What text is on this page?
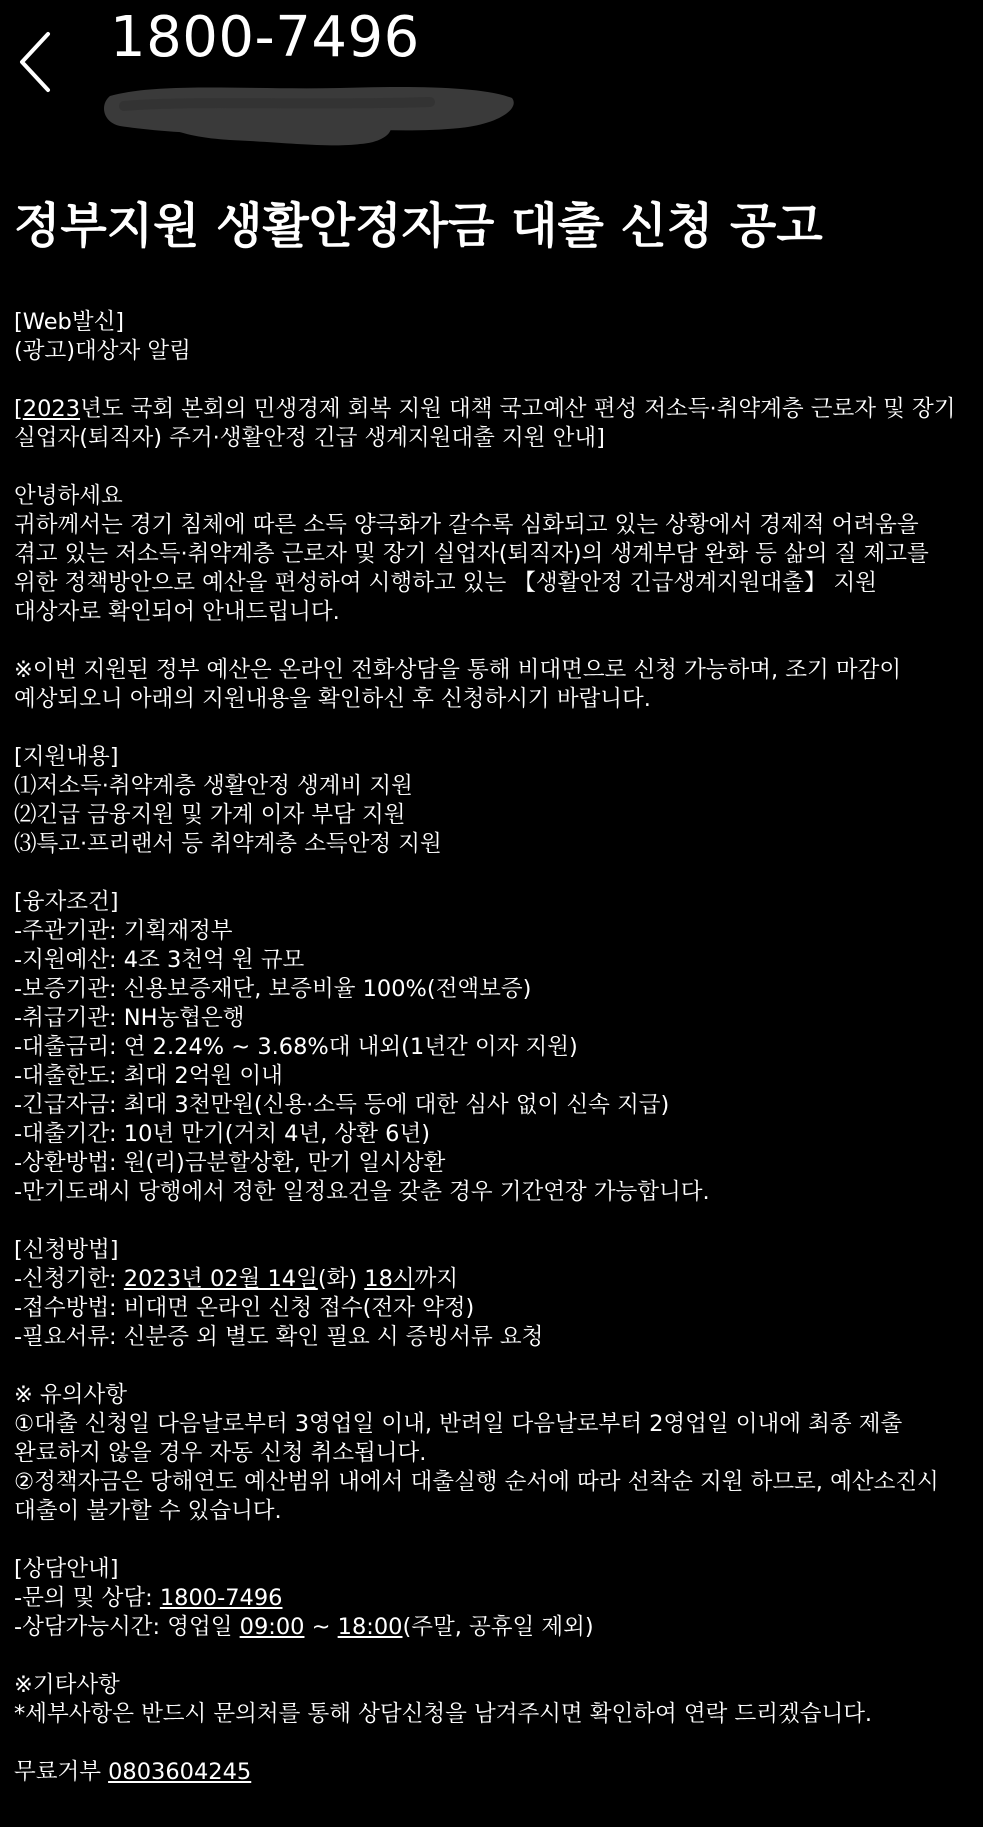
1800-7496
정부지원 생활안정자금 대출 신청 공고
[Web발신]
(광고)대상자 알림
[2023년도 국회 본회의 민생경제 회복 지원 대책 국고예산 편성 저소득·취약계층 근로자 및 장기
실업자(퇴직자) 주거·생활안정 긴급 생계지원대출 지원 안내]
안녕하세요
귀하께서는 경기 침체에 따른 소득 양극화가 갈수록 심화되고 있는 상황에서 경제적 어려움을
겪고 있는 저소득·취약계층 근로자 및 장기 실업자(퇴직자)의 생계부담 완화 등 삶의 질 제고를
위한 정책방안으로 예산을 편성하여 시행하고 있는 【생활안정 긴급생계지원대출】 지원
대상자로 확인되어 안내드립니다.
※이번 지원된 정부 예산은 온라인 전화상담을 통해 비대면으로 신청 가능하며, 조기 마감이
예상되오니 아래의 지원내용을 확인하신 후 신청하시기 바랍니다.
[지원내용]
⑴저소득·취약계층 생활안정 생계비 지원
⑵긴급 금융지원 및 가계 이자 부담 지원
⑶특고·프리랜서 등 취약계층 소득안정 지원
[융자조건]
-주관기관: 기획재정부
-지원예산: 4조 3천억 원 규모
-보증기관: 신용보증재단, 보증비율 100%(전액보증)
-취급기관: NH농협은행
-대출금리: 연 2.24% ~ 3.68%대 내외(1년간 이자 지원)
-대출한도: 최대 2억원 이내
-긴급자금: 최대 3천만원(신용·소득 등에 대한 심사 없이 신속 지급)
-대출기간: 10년 만기(거치 4년, 상환 6년)
-상환방법: 원(리)금분할상환, 만기 일시상환
-만기도래시 당행에서 정한 일정요건을 갖춘 경우 기간연장 가능합니다.
[신청방법]
-신청기한: 2023년 02월 14일(화) 18시까지
-접수방법: 비대면 온라인 신청 접수(전자 약정)
-필요서류: 신분증 외 별도 확인 필요 시 증빙서류 요청
※ 유의사항
①대출 신청일 다음날로부터 3영업일 이내, 반려일 다음날로부터 2영업일 이내에 최종 제출
완료하지 않을 경우 자동 신청 취소됩니다.
②정책자금은 당해연도 예산범위 내에서 대출실행 순서에 따라 선착순 지원 하므로, 예산소진시
대출이 불가할 수 있습니다.
[상담안내]
-문의 및 상담: 1800-7496
-상담가능시간: 영업일 09:00 ~ 18:00(주말, 공휴일 제외)
※기타사항
*세부사항은 반드시 문의처를 통해 상담신청을 남겨주시면 확인하여 연락 드리겠습니다.
무료거부 0803604245
